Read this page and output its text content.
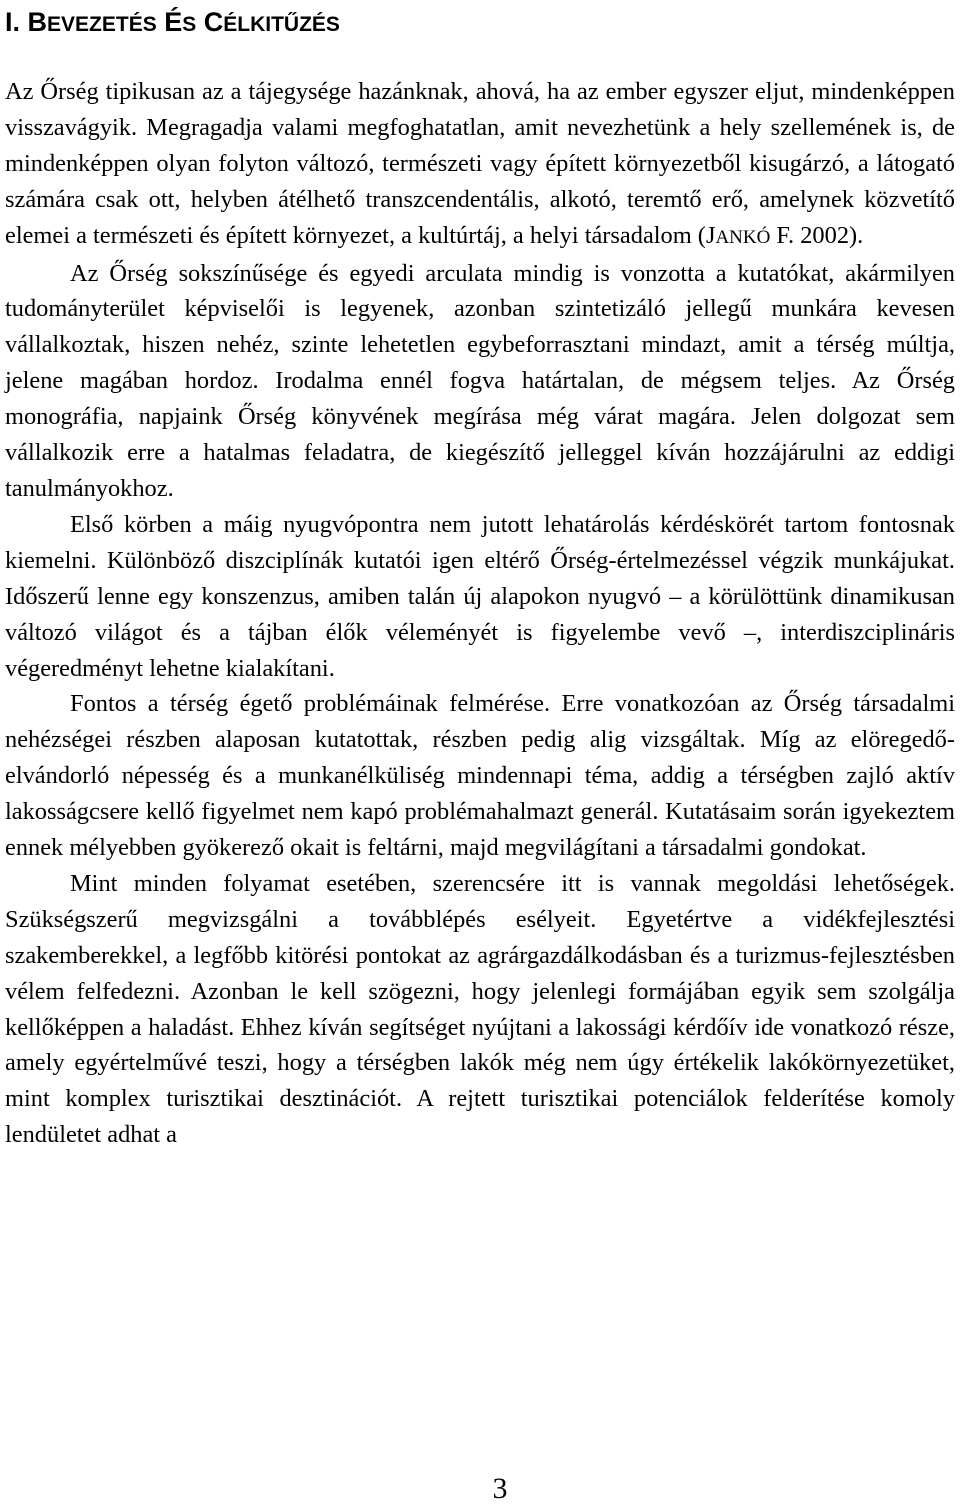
I. BEVEZETÉS ÉS CÉLKITŰZÉS

Az Őrség tipikusan az a tájegysége hazánknak, ahová, ha az ember egyszer eljut, mindenképpen visszavágyik. Megragadja valami megfoghatatlan, amit nevezhetünk a hely szellemének is, de mindenképpen olyan folyton változó, természeti vagy épített környezetből kisugárzó, a látogató számára csak ott, helyben átélhető transzcendentális, alkotó, teremtő erő, amelynek közvetítő elemei a természeti és épített környezet, a kultúrtáj, a helyi társadalom (JANKÓ F. 2002).

Az Őrség sokszínűsége és egyedi arculata mindig is vonzotta a kutatókat, akármilyen tudományterület képviselői is legyenek, azonban szintetizáló jellegű munkára kevesen vállalkoztak, hiszen nehéz, szinte lehetetlen egybeforrasztani mindazt, amit a térség múltja, jelene magában hordoz. Irodalma ennél fogva határtalan, de mégsem teljes. Az Őrség monográfia, napjaink Őrség könyvének megírása még várat magára. Jelen dolgozat sem vállalkozik erre a hatalmas feladatra, de kiegészítő jelleggel kíván hozzájárulni az eddigi tanulmányokhoz.

Első körben a máig nyugvópontra nem jutott lehatárolás kérdéskörét tartom fontosnak kiemelni. Különböző diszciplínák kutatói igen eltérő Őrség-értelmezéssel végzik munkájukat. Időszerű lenne egy konszenzus, amiben talán új alapokon nyugvó – a körülöttünk dinamikusan változó világot és a tájban élők véleményét is figyelembe vevő –, interdiszciplináris végeredményt lehetne kialakítani.

Fontos a térség égető problémáinak felmérése. Erre vonatkozóan az Őrség társadalmi nehézségei részben alaposan kutatottak, részben pedig alig vizsgáltak. Míg az elöregedő-elvándorló népesség és a munkanélküliség mindennapi téma, addig a térségben zajló aktív lakosságcsere kellő figyelmet nem kapó problémahalmazt generál. Kutatásaim során igyekeztem ennek mélyebben gyökerező okait is feltárni, majd megvilágítani a társadalmi gondokat.

Mint minden folyamat esetében, szerencsére itt is vannak megoldási lehetőségek. Szükségszerű megvizsgálni a továbblépés esélyeit. Egyetértve a vidékfejlesztési szakemberekkel, a legfőbb kitörési pontokat az agrárgazdálkodásban és a turizmus-fejlesztésben vélem felfedezni. Azonban le kell szögezni, hogy jelenlegi formájában egyik sem szolgálja kellőképpen a haladást. Ehhez kíván segítséget nyújtani a lakossági kérdőív ide vonatkozó része, amely egyértelművé teszi, hogy a térségben lakók még nem úgy értékelik lakókörnyezetüket, mint komplex turisztikai desztinációt. A rejtett turisztikai potenciálok felderítése komoly lendületet adhat a

3
